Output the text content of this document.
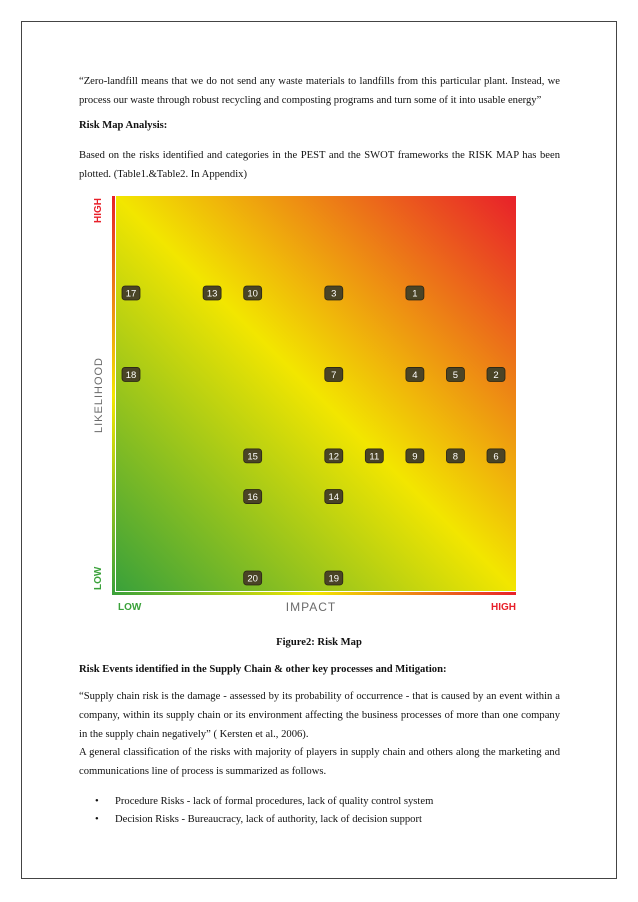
“Zero-landfill means that we do not send any waste materials to landfills from this particular plant. Instead, we process our waste through robust recycling and composting programs and turn some of it into usable energy”

Risk Map Analysis:

Based on the risks identified and categories in the PEST and the SWOT frameworks the RISK MAP has been plotted. (Table1.&Table2. In Appendix)

17	13	10	3	1
18	7	4	5	2
15	12	11	9	8	6
16	14
20	19
HIGH
LOW
LIKELIHOOD
LOW	IMPACT	HIGH
Figure2: Risk Map

Risk Events identified in the Supply Chain & other key processes and Mitigation:

“Supply chain risk is the damage - assessed by its probability of occurrence - that is caused by an event within a company, within its supply chain or its environment affecting the business processes of more than one company in the supply chain negatively” ( Kersten et al., 2006).

A general classification of the risks with majority of players in supply chain and others along the marketing and communications line of process is summarized as follows.

• Procedure Risks - lack of formal procedures, lack of quality control system
• Decision Risks - Bureaucracy, lack of authority, lack of decision support
